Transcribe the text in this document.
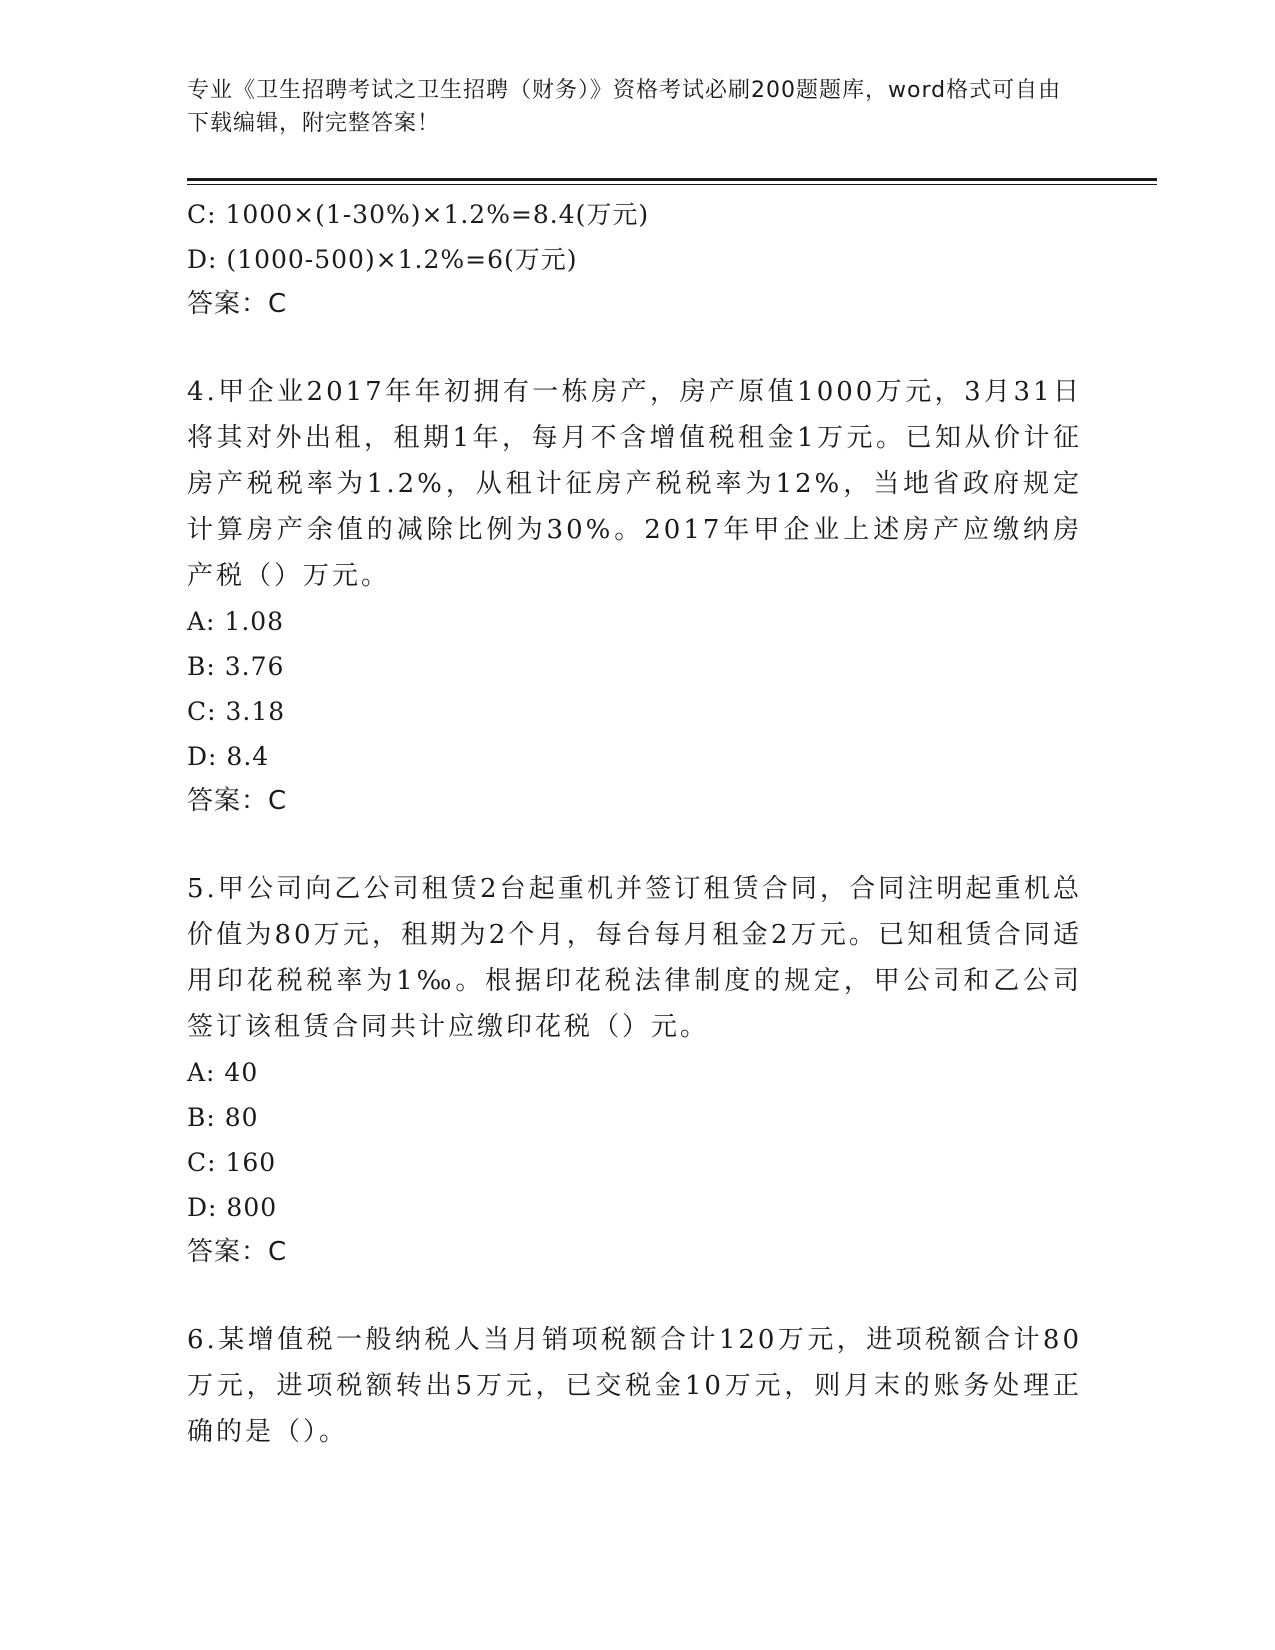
专业《卫生招聘考试之卫生招聘（财务）》资格考试必刷200题题库，word格式可自由下载编辑，附完整答案！
C: 1000×(1-30%)×1.2%=8.4(万元)
D: (1000-500)×1.2%=6(万元)
答案：C
4.甲企业2017年年初拥有一栋房产，房产原值1000万元，3月31日将其对外出租，租期1年，每月不含增值税租金1万元。已知从价计征房产税税率为1.2%，从租计征房产税税率为12%，当地省政府规定计算房产余值的减除比例为30%。2017年甲企业上述房产应缴纳房产税（）万元。
A: 1.08
B: 3.76
C: 3.18
D: 8.4
答案：C
5.甲公司向乙公司租赁2台起重机并签订租赁合同，合同注明起重机总价值为80万元，租期为2个月，每台每月租金2万元。已知租赁合同适用印花税税率为1‰。根据印花税法律制度的规定，甲公司和乙公司签订该租赁合同共计应缴印花税（）元。
A: 40
B: 80
C: 160
D: 800
答案：C
6.某增值税一般纳税人当月销项税额合计120万元，进项税额合计80万元，进项税额转出5万元，已交税金10万元，则月末的账务处理正确的是（）。
